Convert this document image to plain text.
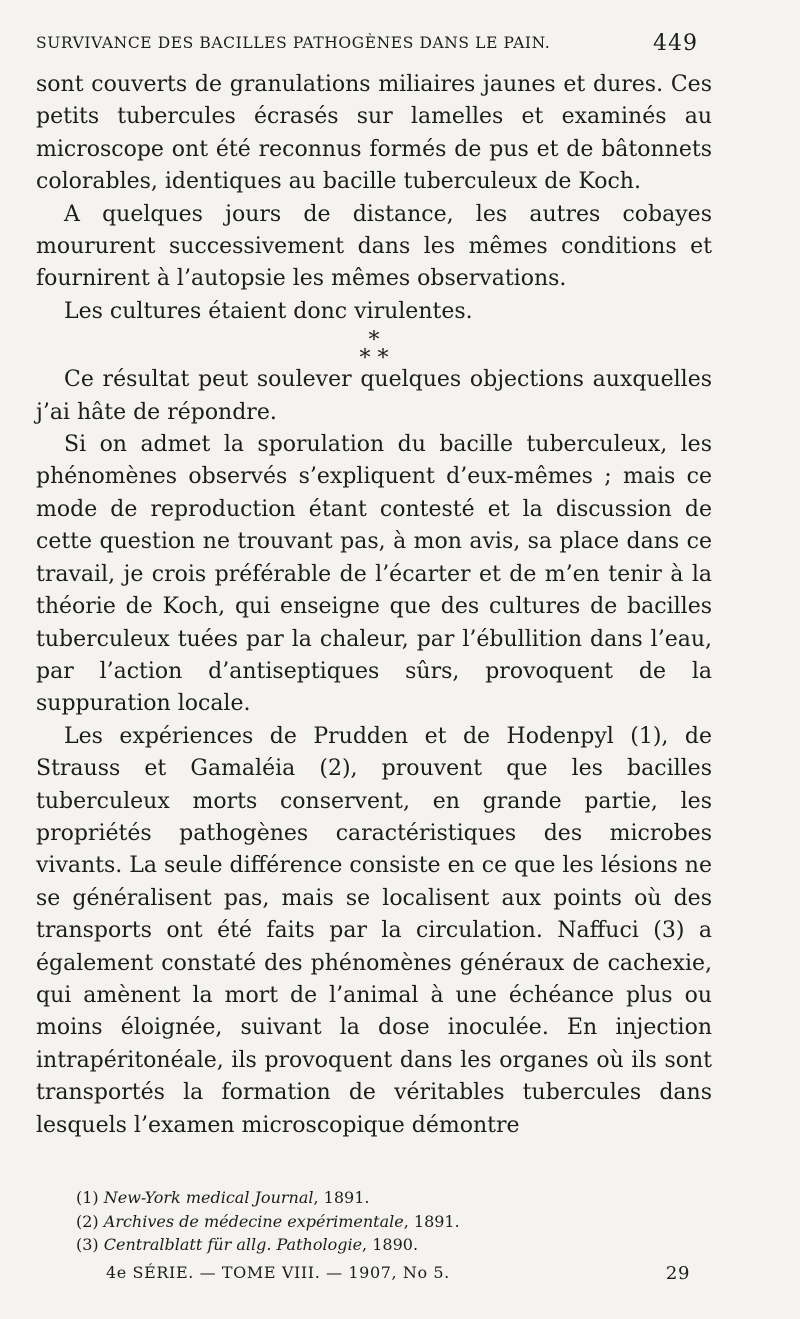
SURVIVANCE DES BACILLES PATHOGÈNES DANS LE PAIN.	449

sont couverts de granulations miliaires jaunes et dures. Ces petits tubercules écrasés sur lamelles et examinés au microscope ont été reconnus formés de pus et de bâtonnets colorables, identiques au bacille tuberculeux de Koch.

A quelques jours de distance, les autres cobayes moururent successivement dans les mêmes conditions et fournirent à l’autopsie les mêmes observations.

Les cultures étaient donc virulentes.

*
* *

Ce résultat peut soulever quelques objections auxquelles j’ai hâte de répondre.

Si on admet la sporulation du bacille tuberculeux, les phénomènes observés s’expliquent d’eux-mêmes ; mais ce mode de reproduction étant contesté et la discussion de cette question ne trouvant pas, à mon avis, sa place dans ce travail, je crois préférable de l’écarter et de m’en tenir à la théorie de Koch, qui enseigne que des cultures de bacilles tuberculeux tuées par la chaleur, par l’ébullition dans l’eau, par l’action d’antiseptiques sûrs, provoquent de la suppuration locale.

Les expériences de Prudden et de Hodenpyl (1), de Strauss et Gamaléia (2), prouvent que les bacilles tuberculeux morts conservent, en grande partie, les propriétés pathogènes caractéristiques des microbes vivants. La seule différence consiste en ce que les lésions ne se généralisent pas, mais se localisent aux points où des transports ont été faits par la circulation. Naffuci (3) a également constaté des phénomènes généraux de cachexie, qui amènent la mort de l’animal à une échéance plus ou moins éloignée, suivant la dose inoculée. En injection intrapéritonéale, ils provoquent dans les organes où ils sont transportés la formation de véritables tubercules dans lesquels l’examen microscopique démontre

(1) New-York medical Journal, 1891.
(2) Archives de médecine expérimentale, 1891.
(3) Centralblatt für allg. Pathologie, 1890.
4e SÉRIE. — TOME VIII. — 1907, No 5.	29
